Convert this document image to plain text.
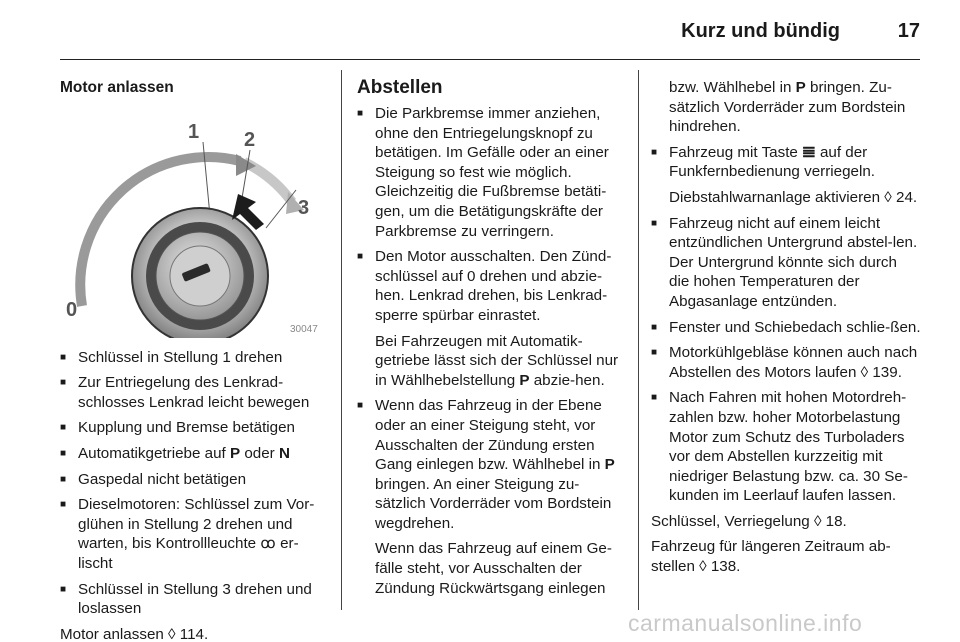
Kurz und bündig	17
Motor anlassen
0
1 2
3
30047
■ Schlüssel in Stellung 1 drehen
■ Zur Entriegelung des Lenkrad-schlosses Lenkrad leicht bewegen
■ Kupplung und Bremse betätigen
■ Automatikgetriebe auf P oder N
■ Gaspedal nicht betätigen
■ Dieselmotoren: Schlüssel zum Vor-glühen in Stellung 2 drehen und warten, bis Kontrollleuchte ꝏ er-lischt
■ Schlüssel in Stellung 3 drehen und loslassen
Motor anlassen ◊ 114.
Abstellen
■ Die Parkbremse immer anziehen, ohne den Entriegelungsknopf zu betätigen. Im Gefälle oder an einer Steigung so fest wie möglich. Gleichzeitig die Fußbremse betäti-gen, um die Betätigungskräfte der Parkbremse zu verringern.
■ Den Motor ausschalten. Den Zünd-schlüssel auf 0 drehen und abzie-hen. Lenkrad drehen, bis Lenkrad-sperre spürbar einrastet.
Bei Fahrzeugen mit Automatik-getriebe lässt sich der Schlüssel nur in Wählhebelstellung P abzie-hen.
■ Wenn das Fahrzeug in der Ebene oder an einer Steigung steht, vor Ausschalten der Zündung ersten Gang einlegen bzw. Wählhebel in P bringen. An einer Steigung zu-sätzlich Vorderräder vom Bordstein wegdrehen.
Wenn das Fahrzeug auf einem Ge-fälle steht, vor Ausschalten der Zündung Rückwärtsgang einlegen
bzw. Wählhebel in P bringen. Zu-sätzlich Vorderräder zum Bordstein hindrehen.
■ Fahrzeug mit Taste 𝌆 auf der Funkfernbedienung verriegeln.
Diebstahlwarnanlage aktivieren ◊ 24.
■ Fahrzeug nicht auf einem leicht entzündlichen Untergrund abstel-len. Der Untergrund könnte sich durch die hohen Temperaturen der Abgasanlage entzünden.
■ Fenster und Schiebedach schlie-ßen.
■ Motorkühlgebläse können auch nach Abstellen des Motors laufen ◊ 139.
■ Nach Fahren mit hohen Motordreh-zahlen bzw. hoher Motorbelastung Motor zum Schutz des Turboladers vor dem Abstellen kurzzeitig mit niedriger Belastung bzw. ca. 30 Se-kunden im Leerlauf laufen lassen.
Schlüssel, Verriegelung ◊ 18.
Fahrzeug für längeren Zeitraum ab-stellen ◊ 138.
carmanualsonline.info
